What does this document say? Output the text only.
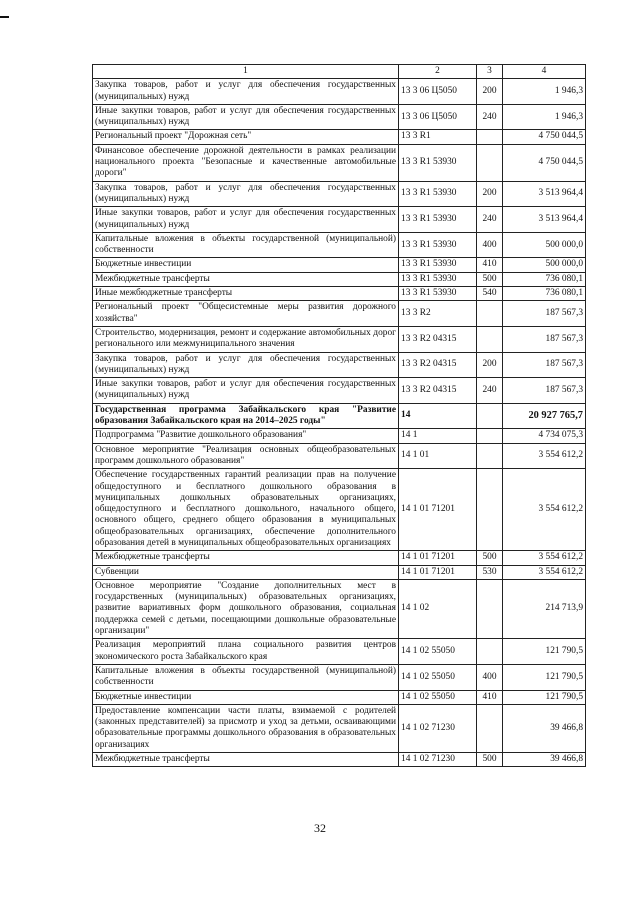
1	2	3	4
Закупка товаров, работ и услуг для обеспечения государственных (муниципальных) нужд	13 3 06 Ц5050	200	1 946,3
Иные закупки товаров, работ и услуг для обеспечения государственных (муниципальных) нужд	13 3 06 Ц5050	240	1 946,3
Региональный проект "Дорожная сеть"	13 3 R1		4 750 044,5
Финансовое обеспечение дорожной деятельности в рамках реализации национального проекта "Безопасные и качественные автомобильные дороги"	13 3 R1 53930		4 750 044,5
Закупка товаров, работ и услуг для обеспечения государственных (муниципальных) нужд	13 3 R1 53930	200	3 513 964,4
Иные закупки товаров, работ и услуг для обеспечения государственных (муниципальных) нужд	13 3 R1 53930	240	3 513 964,4
Капитальные вложения в объекты государственной (муниципальной) собственности	13 3 R1 53930	400	500 000,0
Бюджетные инвестиции	13 3 R1 53930	410	500 000,0
Межбюджетные трансферты	13 3 R1 53930	500	736 080,1
Иные межбюджетные трансферты	13 3 R1 53930	540	736 080,1
Региональный проект "Общесистемные меры развития дорожного хозяйства"	13 3 R2		187 567,3
Строительство, модернизация, ремонт и содержание автомобильных дорог регионального или межмуниципального значения	13 3 R2 04315		187 567,3
Закупка товаров, работ и услуг для обеспечения государственных (муниципальных) нужд	13 3 R2 04315	200	187 567,3
Иные закупки товаров, работ и услуг для обеспечения государственных (муниципальных) нужд	13 3 R2 04315	240	187 567,3
Государственная программа Забайкальского края "Развитие образования Забайкальского края на 2014–2025 годы"	14		20 927 765,7
Подпрограмма "Развитие дошкольного образования"	14 1		4 734 075,3
Основное мероприятие "Реализация основных общеобразовательных программ дошкольного образования"	14 1 01		3 554 612,2
Обеспечение государственных гарантий реализации прав на получение общедоступного и бесплатного дошкольного образования в муниципальных дошкольных образовательных организациях, общедоступного и бесплатного дошкольного, начального общего, основного общего, среднего общего образования в муниципальных общеобразовательных организациях, обеспечение дополнительного образования детей в муниципальных общеобразовательных организациях	14 1 01 71201		3 554 612,2
Межбюджетные трансферты	14 1 01 71201	500	3 554 612,2
Субвенции	14 1 01 71201	530	3 554 612,2
Основное мероприятие "Создание дополнительных мест в государственных (муниципальных) образовательных организациях, развитие вариативных форм дошкольного образования, социальная поддержка семей с детьми, посещающими дошкольные образовательные организации"	14 1 02		214 713,9
Реализация мероприятий плана социального развития центров экономического роста Забайкальского края	14 1 02 55050		121 790,5
Капитальные вложения в объекты государственной (муниципальной) собственности	14 1 02 55050	400	121 790,5
Бюджетные инвестиции	14 1 02 55050	410	121 790,5
Предоставление компенсации части платы, взимаемой с родителей (законных представителей) за присмотр и уход за детьми, осваивающими образовательные программы дошкольного образования в образовательных организациях	14 1 02 71230		39 466,8
Межбюджетные трансферты	14 1 02 71230	500	39 466,8
32
